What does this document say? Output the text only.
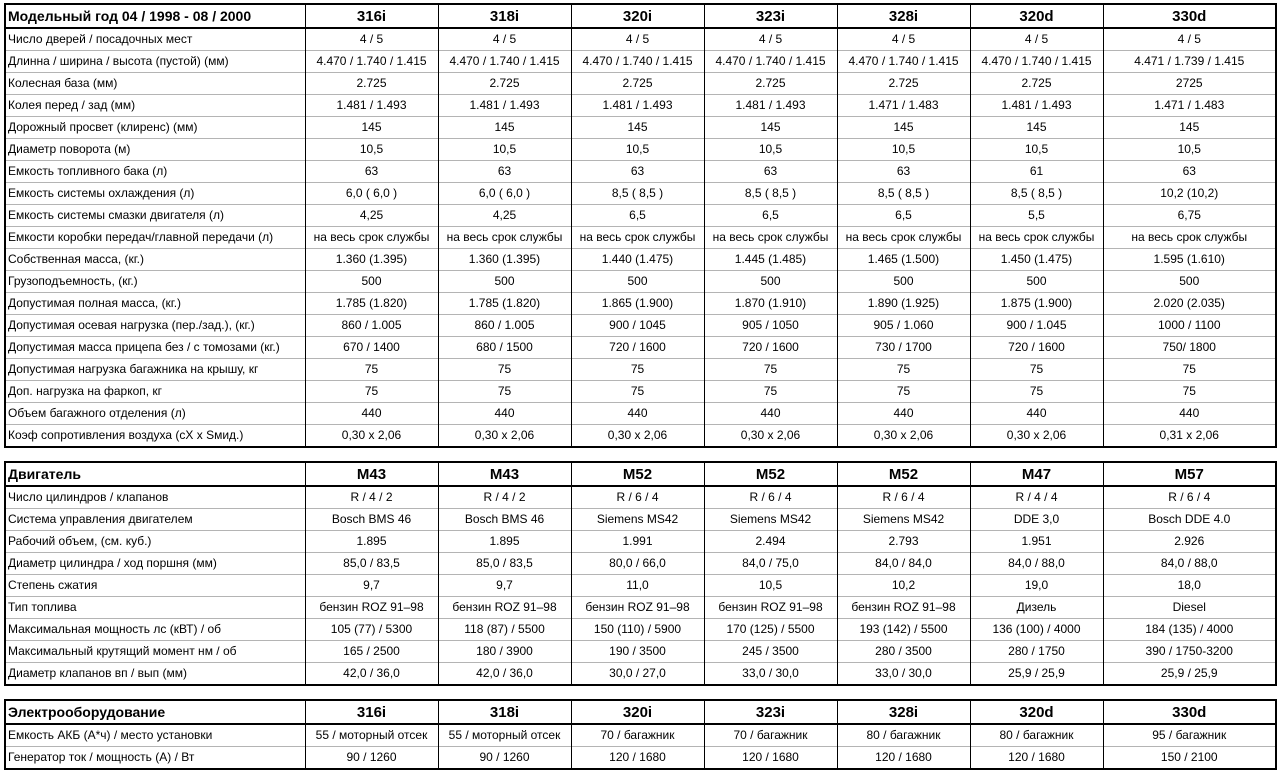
Модельный год 04 / 1998 - 08 / 2000	316i	318i	320i	323i	328i	320d	330d
Число дверей / посадочных мест	4 / 5	4 / 5	4 / 5	4 / 5	4 / 5	4 / 5	4 / 5
Длинна / ширина / высота (пустой) (мм)	4.470 / 1.740 / 1.415	4.470 / 1.740 / 1.415	4.470 / 1.740 / 1.415	4.470 / 1.740 / 1.415	4.470 / 1.740 / 1.415	4.470 / 1.740 / 1.415	4.471 / 1.739 / 1.415
Колесная база (мм)	2.725	2.725	2.725	2.725	2.725	2.725	2725
Колея перед / зад (мм)	1.481 / 1.493	1.481 / 1.493	1.481 / 1.493	1.481 / 1.493	1.471 / 1.483	1.481 / 1.493	1.471 / 1.483
Дорожный просвет (клиренс) (мм)	145	145	145	145	145	145	145
Диаметр поворота (м)	10,5	10,5	10,5	10,5	10,5	10,5	10,5
Емкость топливного бака (л)	63	63	63	63	63	61	63
Емкость системы охлаждения (л)	6,0 ( 6,0 )	6,0 ( 6,0 )	8,5 ( 8,5 )	8,5 ( 8,5 )	8,5 ( 8,5 )	8,5 ( 8,5 )	10,2 (10,2)
Емкость системы смазки двигателя (л)	4,25	4,25	6,5	6,5	6,5	5,5	6,75
Емкости коробки передач/главной передачи (л)	на весь срок службы	на весь срок службы	на весь срок службы	на весь срок службы	на весь срок службы	на весь срок службы	на весь срок службы
Собственная масса, (кг.)	1.360 (1.395)	1.360 (1.395)	1.440 (1.475)	1.445 (1.485)	1.465 (1.500)	1.450 (1.475)	1.595 (1.610)
Грузоподъемность, (кг.)	500	500	500	500	500	500	500
Допустимая полная масса, (кг.)	1.785 (1.820)	1.785 (1.820)	1.865 (1.900)	1.870 (1.910)	1.890 (1.925)	1.875 (1.900)	2.020 (2.035)
Допустимая осевая нагрузка (пер./зад.), (кг.)	860 / 1.005	860 / 1.005	900 / 1045	905 / 1050	905 / 1.060	900 / 1.045	1000 / 1100
Допустимая масса прицепа без / с томозами (кг.)	670 / 1400	680 / 1500	720 / 1600	720 / 1600	730 / 1700	720 / 1600	750/ 1800
Допустимая нагрузка багажника на крышу, кг	75	75	75	75	75	75	75
Доп. нагрузка на фаркоп, кг	75	75	75	75	75	75	75
Объем багажного отделения (л)	440	440	440	440	440	440	440
Коэф сопротивления воздуха (сХ х Sмид.)	0,30 х 2,06	0,30 х 2,06	0,30 х 2,06	0,30 х 2,06	0,30 х 2,06	0,30 х 2,06	0,31 х 2,06
Двигатель	M43	M43	M52	M52	M52	M47	M57
Число цилиндров / клапанов	R / 4 / 2	R / 4 / 2	R / 6 / 4	R / 6 / 4	R / 6 / 4	R / 4 / 4	R / 6 / 4
Система управления двигателем	Bosch BMS 46	Bosch BMS 46	Siemens MS42	Siemens MS42	Siemens MS42	DDE 3,0	Bosch DDE 4.0
Рабочий объем, (см. куб.)	1.895	1.895	1.991	2.494	2.793	1.951	2.926
Диаметр цилиндра / ход поршня (мм)	85,0 / 83,5	85,0 / 83,5	80,0 / 66,0	84,0 / 75,0	84,0 / 84,0	84,0 / 88,0	84,0 / 88,0
Степень сжатия	9,7	9,7	11,0	10,5	10,2	19,0	18,0
Тип топлива	бензин ROZ 91–98	бензин ROZ 91–98	бензин ROZ 91–98	бензин ROZ 91–98	бензин ROZ 91–98	Дизель	Diesel
Максимальная мощность лс (кВТ) / об	105 (77) / 5300	118 (87) / 5500	150 (110) / 5900	170 (125) / 5500	193 (142) / 5500	136 (100) / 4000	184 (135) / 4000
Максимальный крутящий момент нм / об	165 / 2500	180 / 3900	190 / 3500	245 / 3500	280 / 3500	280 / 1750	390 / 1750-3200
Диаметр клапанов вп / вып (мм)	42,0 / 36,0	42,0 / 36,0	30,0 / 27,0	33,0 / 30,0	33,0 / 30,0	25,9 / 25,9	25,9 / 25,9
Электрооборудование	316i	318i	320i	323i	328i	320d	330d
Емкость АКБ (А*ч) / место установки	55 / моторный отсек	55 / моторный отсек	70 / багажник	70 / багажник	80 / багажник	80 / багажник	95 / багажник
Генератор ток / мощность (А) / Вт	90 / 1260	90 / 1260	120 / 1680	120 / 1680	120 / 1680	120 / 1680	150 / 2100
